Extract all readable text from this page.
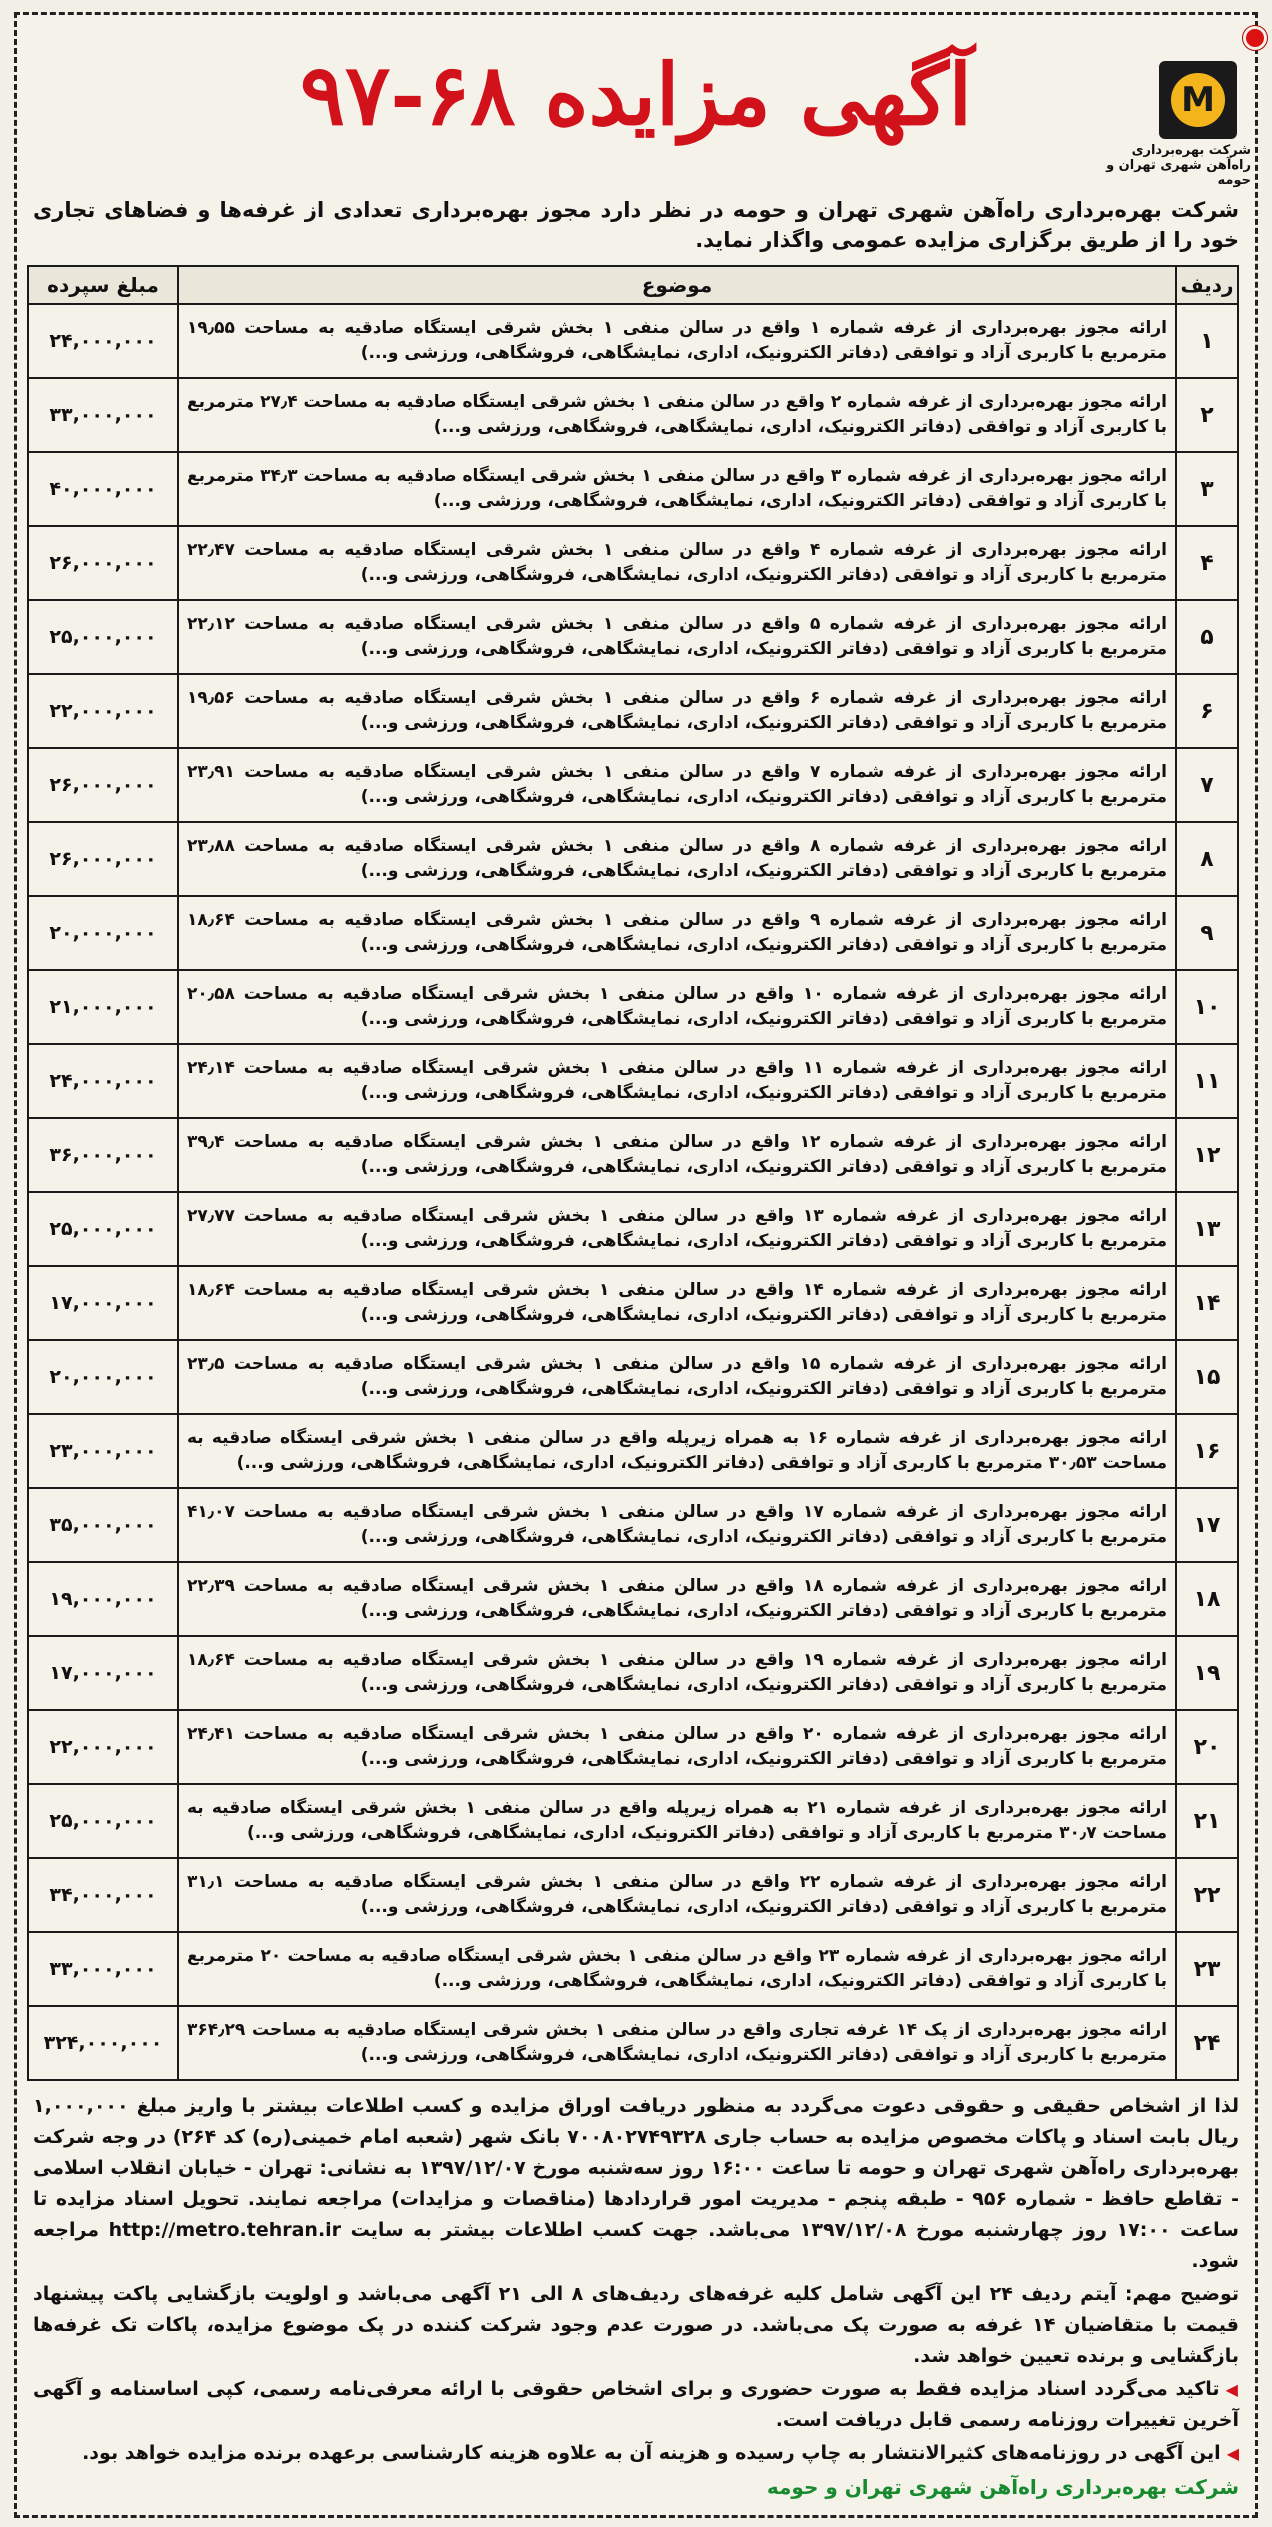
M
شرکت بهره‌برداری
راه‌آهن شهری تهران و حومه
آگهی مزایده ۶۸-۹۷

شرکت بهره‌برداری راه‌آهن شهری تهران و حومه در نظر دارد مجوز بهره‌برداری تعدادی از غرفه‌ها و فضاهای تجاری خود را از طریق برگزاری مزایده عمومی واگذار نماید.

ردیف	موضوع	مبلغ سپرده
۱	ارائه مجوز بهره‌برداری از غرفه شماره ۱ واقع در سالن منفی ۱ بخش شرقی ایستگاه صادقیه به مساحت ۱۹٫۵۵ مترمربع با کاربری آزاد و توافقی (دفاتر الکترونیک، اداری، نمایشگاهی، فروشگاهی، ورزشی و...)	۲۴,۰۰۰,۰۰۰
۲	ارائه مجوز بهره‌برداری از غرفه شماره ۲ واقع در سالن منفی ۱ بخش شرقی ایستگاه صادقیه به مساحت ۲۷٫۴ مترمربع با کاربری آزاد و توافقی (دفاتر الکترونیک، اداری، نمایشگاهی، فروشگاهی، ورزشی و...)	۳۳,۰۰۰,۰۰۰
۳	ارائه مجوز بهره‌برداری از غرفه شماره ۳ واقع در سالن منفی ۱ بخش شرقی ایستگاه صادقیه به مساحت ۳۴٫۳ مترمربع با کاربری آزاد و توافقی (دفاتر الکترونیک، اداری، نمایشگاهی، فروشگاهی، ورزشی و...)	۴۰,۰۰۰,۰۰۰
۴	ارائه مجوز بهره‌برداری از غرفه شماره ۴ واقع در سالن منفی ۱ بخش شرقی ایستگاه صادقیه به مساحت ۲۲٫۴۷ مترمربع با کاربری آزاد و توافقی (دفاتر الکترونیک، اداری، نمایشگاهی، فروشگاهی، ورزشی و...)	۲۶,۰۰۰,۰۰۰
۵	ارائه مجوز بهره‌برداری از غرفه شماره ۵ واقع در سالن منفی ۱ بخش شرقی ایستگاه صادقیه به مساحت ۲۲٫۱۲ مترمربع با کاربری آزاد و توافقی (دفاتر الکترونیک، اداری، نمایشگاهی، فروشگاهی، ورزشی و...)	۲۵,۰۰۰,۰۰۰
۶	ارائه مجوز بهره‌برداری از غرفه شماره ۶ واقع در سالن منفی ۱ بخش شرقی ایستگاه صادقیه به مساحت ۱۹٫۵۶ مترمربع با کاربری آزاد و توافقی (دفاتر الکترونیک، اداری، نمایشگاهی، فروشگاهی، ورزشی و...)	۲۲,۰۰۰,۰۰۰
۷	ارائه مجوز بهره‌برداری از غرفه شماره ۷ واقع در سالن منفی ۱ بخش شرقی ایستگاه صادقیه به مساحت ۲۳٫۹۱ مترمربع با کاربری آزاد و توافقی (دفاتر الکترونیک، اداری، نمایشگاهی، فروشگاهی، ورزشی و...)	۲۶,۰۰۰,۰۰۰
۸	ارائه مجوز بهره‌برداری از غرفه شماره ۸ واقع در سالن منفی ۱ بخش شرقی ایستگاه صادقیه به مساحت ۲۳٫۸۸ مترمربع با کاربری آزاد و توافقی (دفاتر الکترونیک، اداری، نمایشگاهی، فروشگاهی، ورزشی و...)	۲۶,۰۰۰,۰۰۰
۹	ارائه مجوز بهره‌برداری از غرفه شماره ۹ واقع در سالن منفی ۱ بخش شرقی ایستگاه صادقیه به مساحت ۱۸٫۶۴ مترمربع با کاربری آزاد و توافقی (دفاتر الکترونیک، اداری، نمایشگاهی، فروشگاهی، ورزشی و...)	۲۰,۰۰۰,۰۰۰
۱۰	ارائه مجوز بهره‌برداری از غرفه شماره ۱۰ واقع در سالن منفی ۱ بخش شرقی ایستگاه صادقیه به مساحت ۲۰٫۵۸ مترمربع با کاربری آزاد و توافقی (دفاتر الکترونیک، اداری، نمایشگاهی، فروشگاهی، ورزشی و...)	۲۱,۰۰۰,۰۰۰
۱۱	ارائه مجوز بهره‌برداری از غرفه شماره ۱۱ واقع در سالن منفی ۱ بخش شرقی ایستگاه صادقیه به مساحت ۲۴٫۱۴ مترمربع با کاربری آزاد و توافقی (دفاتر الکترونیک، اداری، نمایشگاهی، فروشگاهی، ورزشی و...)	۲۴,۰۰۰,۰۰۰
۱۲	ارائه مجوز بهره‌برداری از غرفه شماره ۱۲ واقع در سالن منفی ۱ بخش شرقی ایستگاه صادقیه به مساحت ۳۹٫۴ مترمربع با کاربری آزاد و توافقی (دفاتر الکترونیک، اداری، نمایشگاهی، فروشگاهی، ورزشی و...)	۳۶,۰۰۰,۰۰۰
۱۳	ارائه مجوز بهره‌برداری از غرفه شماره ۱۳ واقع در سالن منفی ۱ بخش شرقی ایستگاه صادقیه به مساحت ۲۷٫۷۷ مترمربع با کاربری آزاد و توافقی (دفاتر الکترونیک، اداری، نمایشگاهی، فروشگاهی، ورزشی و...)	۲۵,۰۰۰,۰۰۰
۱۴	ارائه مجوز بهره‌برداری از غرفه شماره ۱۴ واقع در سالن منفی ۱ بخش شرقی ایستگاه صادقیه به مساحت ۱۸٫۶۴ مترمربع با کاربری آزاد و توافقی (دفاتر الکترونیک، اداری، نمایشگاهی، فروشگاهی، ورزشی و...)	۱۷,۰۰۰,۰۰۰
۱۵	ارائه مجوز بهره‌برداری از غرفه شماره ۱۵ واقع در سالن منفی ۱ بخش شرقی ایستگاه صادقیه به مساحت ۲۳٫۵ مترمربع با کاربری آزاد و توافقی (دفاتر الکترونیک، اداری، نمایشگاهی، فروشگاهی، ورزشی و...)	۲۰,۰۰۰,۰۰۰
۱۶	ارائه مجوز بهره‌برداری از غرفه شماره ۱۶ به همراه زیرپله واقع در سالن منفی ۱ بخش شرقی ایستگاه صادقیه به مساحت ۳۰٫۵۳ مترمربع با کاربری آزاد و توافقی (دفاتر الکترونیک، اداری، نمایشگاهی، فروشگاهی، ورزشی و...)	۲۳,۰۰۰,۰۰۰
۱۷	ارائه مجوز بهره‌برداری از غرفه شماره ۱۷ واقع در سالن منفی ۱ بخش شرقی ایستگاه صادقیه به مساحت ۴۱٫۰۷ مترمربع با کاربری آزاد و توافقی (دفاتر الکترونیک، اداری، نمایشگاهی، فروشگاهی، ورزشی و...)	۳۵,۰۰۰,۰۰۰
۱۸	ارائه مجوز بهره‌برداری از غرفه شماره ۱۸ واقع در سالن منفی ۱ بخش شرقی ایستگاه صادقیه به مساحت ۲۲٫۳۹ مترمربع با کاربری آزاد و توافقی (دفاتر الکترونیک، اداری، نمایشگاهی، فروشگاهی، ورزشی و...)	۱۹,۰۰۰,۰۰۰
۱۹	ارائه مجوز بهره‌برداری از غرفه شماره ۱۹ واقع در سالن منفی ۱ بخش شرقی ایستگاه صادقیه به مساحت ۱۸٫۶۴ مترمربع با کاربری آزاد و توافقی (دفاتر الکترونیک، اداری، نمایشگاهی، فروشگاهی، ورزشی و...)	۱۷,۰۰۰,۰۰۰
۲۰	ارائه مجوز بهره‌برداری از غرفه شماره ۲۰ واقع در سالن منفی ۱ بخش شرقی ایستگاه صادقیه به مساحت ۲۴٫۴۱ مترمربع با کاربری آزاد و توافقی (دفاتر الکترونیک، اداری، نمایشگاهی، فروشگاهی، ورزشی و...)	۲۲,۰۰۰,۰۰۰
۲۱	ارائه مجوز بهره‌برداری از غرفه شماره ۲۱ به همراه زیرپله واقع در سالن منفی ۱ بخش شرقی ایستگاه صادقیه به مساحت ۳۰٫۷ مترمربع با کاربری آزاد و توافقی (دفاتر الکترونیک، اداری، نمایشگاهی، فروشگاهی، ورزشی و...)	۲۵,۰۰۰,۰۰۰
۲۲	ارائه مجوز بهره‌برداری از غرفه شماره ۲۲ واقع در سالن منفی ۱ بخش شرقی ایستگاه صادقیه به مساحت ۳۱٫۱ مترمربع با کاربری آزاد و توافقی (دفاتر الکترونیک، اداری، نمایشگاهی، فروشگاهی، ورزشی و...)	۳۴,۰۰۰,۰۰۰
۲۳	ارائه مجوز بهره‌برداری از غرفه شماره ۲۳ واقع در سالن منفی ۱ بخش شرقی ایستگاه صادقیه به مساحت ۲۰ مترمربع با کاربری آزاد و توافقی (دفاتر الکترونیک، اداری، نمایشگاهی، فروشگاهی، ورزشی و...)	۳۳,۰۰۰,۰۰۰
۲۴	ارائه مجوز بهره‌برداری از پک ۱۴ غرفه تجاری واقع در سالن منفی ۱ بخش شرقی ایستگاه صادقیه به مساحت ۳۶۴٫۲۹ مترمربع با کاربری آزاد و توافقی (دفاتر الکترونیک، اداری، نمایشگاهی، فروشگاهی، ورزشی و...)	۳۲۴,۰۰۰,۰۰۰

لذا از اشخاص حقیقی و حقوقی دعوت می‌گردد به منظور دریافت اوراق مزایده و کسب اطلاعات بیشتر با واریز مبلغ ۱,۰۰۰,۰۰۰ ریال بابت اسناد و پاکات مخصوص مزایده به حساب جاری ۷۰۰۸۰۲۷۴۹۳۲۸ بانک شهر (شعبه امام خمینی(ره) کد ۲۶۴) در وجه شرکت بهره‌برداری راه‌آهن شهری تهران و حومه تا ساعت ۱۶:۰۰ روز سه‌شنبه مورخ ۱۳۹۷/۱۲/۰۷ به نشانی: تهران - خیابان انقلاب اسلامی - تقاطع حافظ - شماره ۹۵۶ - طبقه پنجم - مدیریت امور قراردادها (مناقصات و مزایدات) مراجعه نمایند. تحویل اسناد مزایده تا ساعت ۱۷:۰۰ روز چهارشنبه مورخ ۱۳۹۷/۱۲/۰۸ می‌باشد. جهت کسب اطلاعات بیشتر به سایت http://metro.tehran.ir مراجعه شود.

توضیح مهم: آیتم ردیف ۲۴ این آگهی شامل کلیه غرفه‌های ردیف‌های ۸ الی ۲۱ آگهی می‌باشد و اولویت بازگشایی پاکت پیشنهاد قیمت با متقاضیان ۱۴ غرفه به صورت پک می‌باشد. در صورت عدم وجود شرکت کننده در پک موضوع مزایده، پاکات تک غرفه‌ها بازگشایی و برنده تعیین خواهد شد.

◀تاکید می‌گردد اسناد مزایده فقط به صورت حضوری و برای اشخاص حقوقی با ارائه معرفی‌نامه رسمی، کپی اساسنامه و آگهی آخرین تغییرات روزنامه رسمی قابل دریافت است.

◀این آگهی در روزنامه‌های کثیرالانتشار به چاپ رسیده و هزینه آن به علاوه هزینه کارشناسی برعهده برنده مزایده خواهد بود.

شرکت بهره‌برداری راه‌آهن شهری تهران و حومه
